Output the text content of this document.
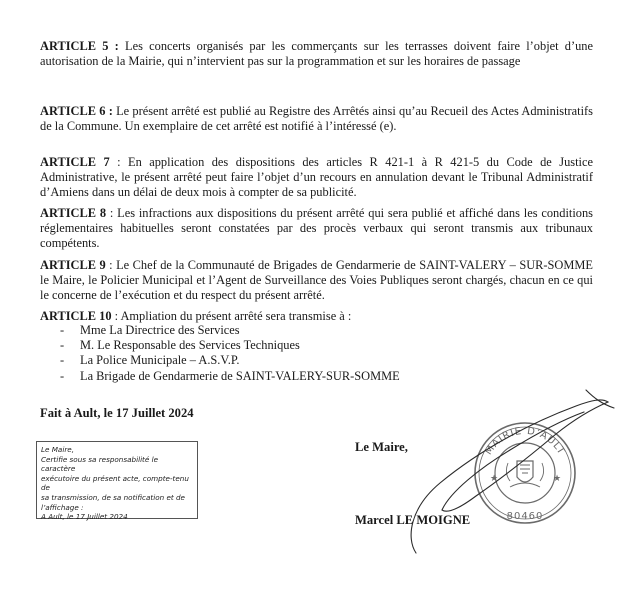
ARTICLE 5 : Les concerts organisés par les commerçants sur les terrasses doivent faire l’objet d’une autorisation de la Mairie, qui n’intervient pas sur la programmation et sur les horaires de passage
ARTICLE 6 : Le présent arrêté est publié au Registre des Arrêtés ainsi qu’au Recueil des Actes Administratifs de la Commune. Un exemplaire de cet arrêté est notifié à l’intéressé (e).
ARTICLE 7 : En application des dispositions des articles R 421-1 à R 421-5 du Code de Justice Administrative, le présent arrêté peut faire l’objet d’un recours en annulation devant le Tribunal Administratif d’Amiens dans un délai de deux mois à compter de sa publicité.
ARTICLE 8 : Les infractions aux dispositions du présent arrêté qui sera publié et affiché dans les conditions réglementaires habituelles seront constatées par des procès verbaux qui seront transmis aux tribunaux compétents.
ARTICLE 9 : Le Chef de la Communauté de Brigades de Gendarmerie de SAINT-VALERY – SUR-SOMME le Maire, le Policier Municipal et l’Agent de Surveillance des Voies Publiques seront chargés, chacun en ce qui le concerne de l’exécution et du respect du présent arrêté.
ARTICLE 10 : Ampliation du présent arrêté sera transmise à :
- Mme La Directrice des Services
- M. Le Responsable des Services Techniques
- La Police Municipale – A.S.V.P.
- La Brigade de Gendarmerie de SAINT-VALERY-SUR-SOMME
Fait à Ault, le 17 Juillet 2024
Le Maire,
Certifie sous sa responsabilité le caractère
exécutoire du présent acte, compte-tenu de
sa transmission, de sa notification et de
l’affichage :
A Ault, le 17 Juillet 2024
Le Maire,
Marcel LE MOIGNE
MAIRIE D’AULT
80460
★	★
